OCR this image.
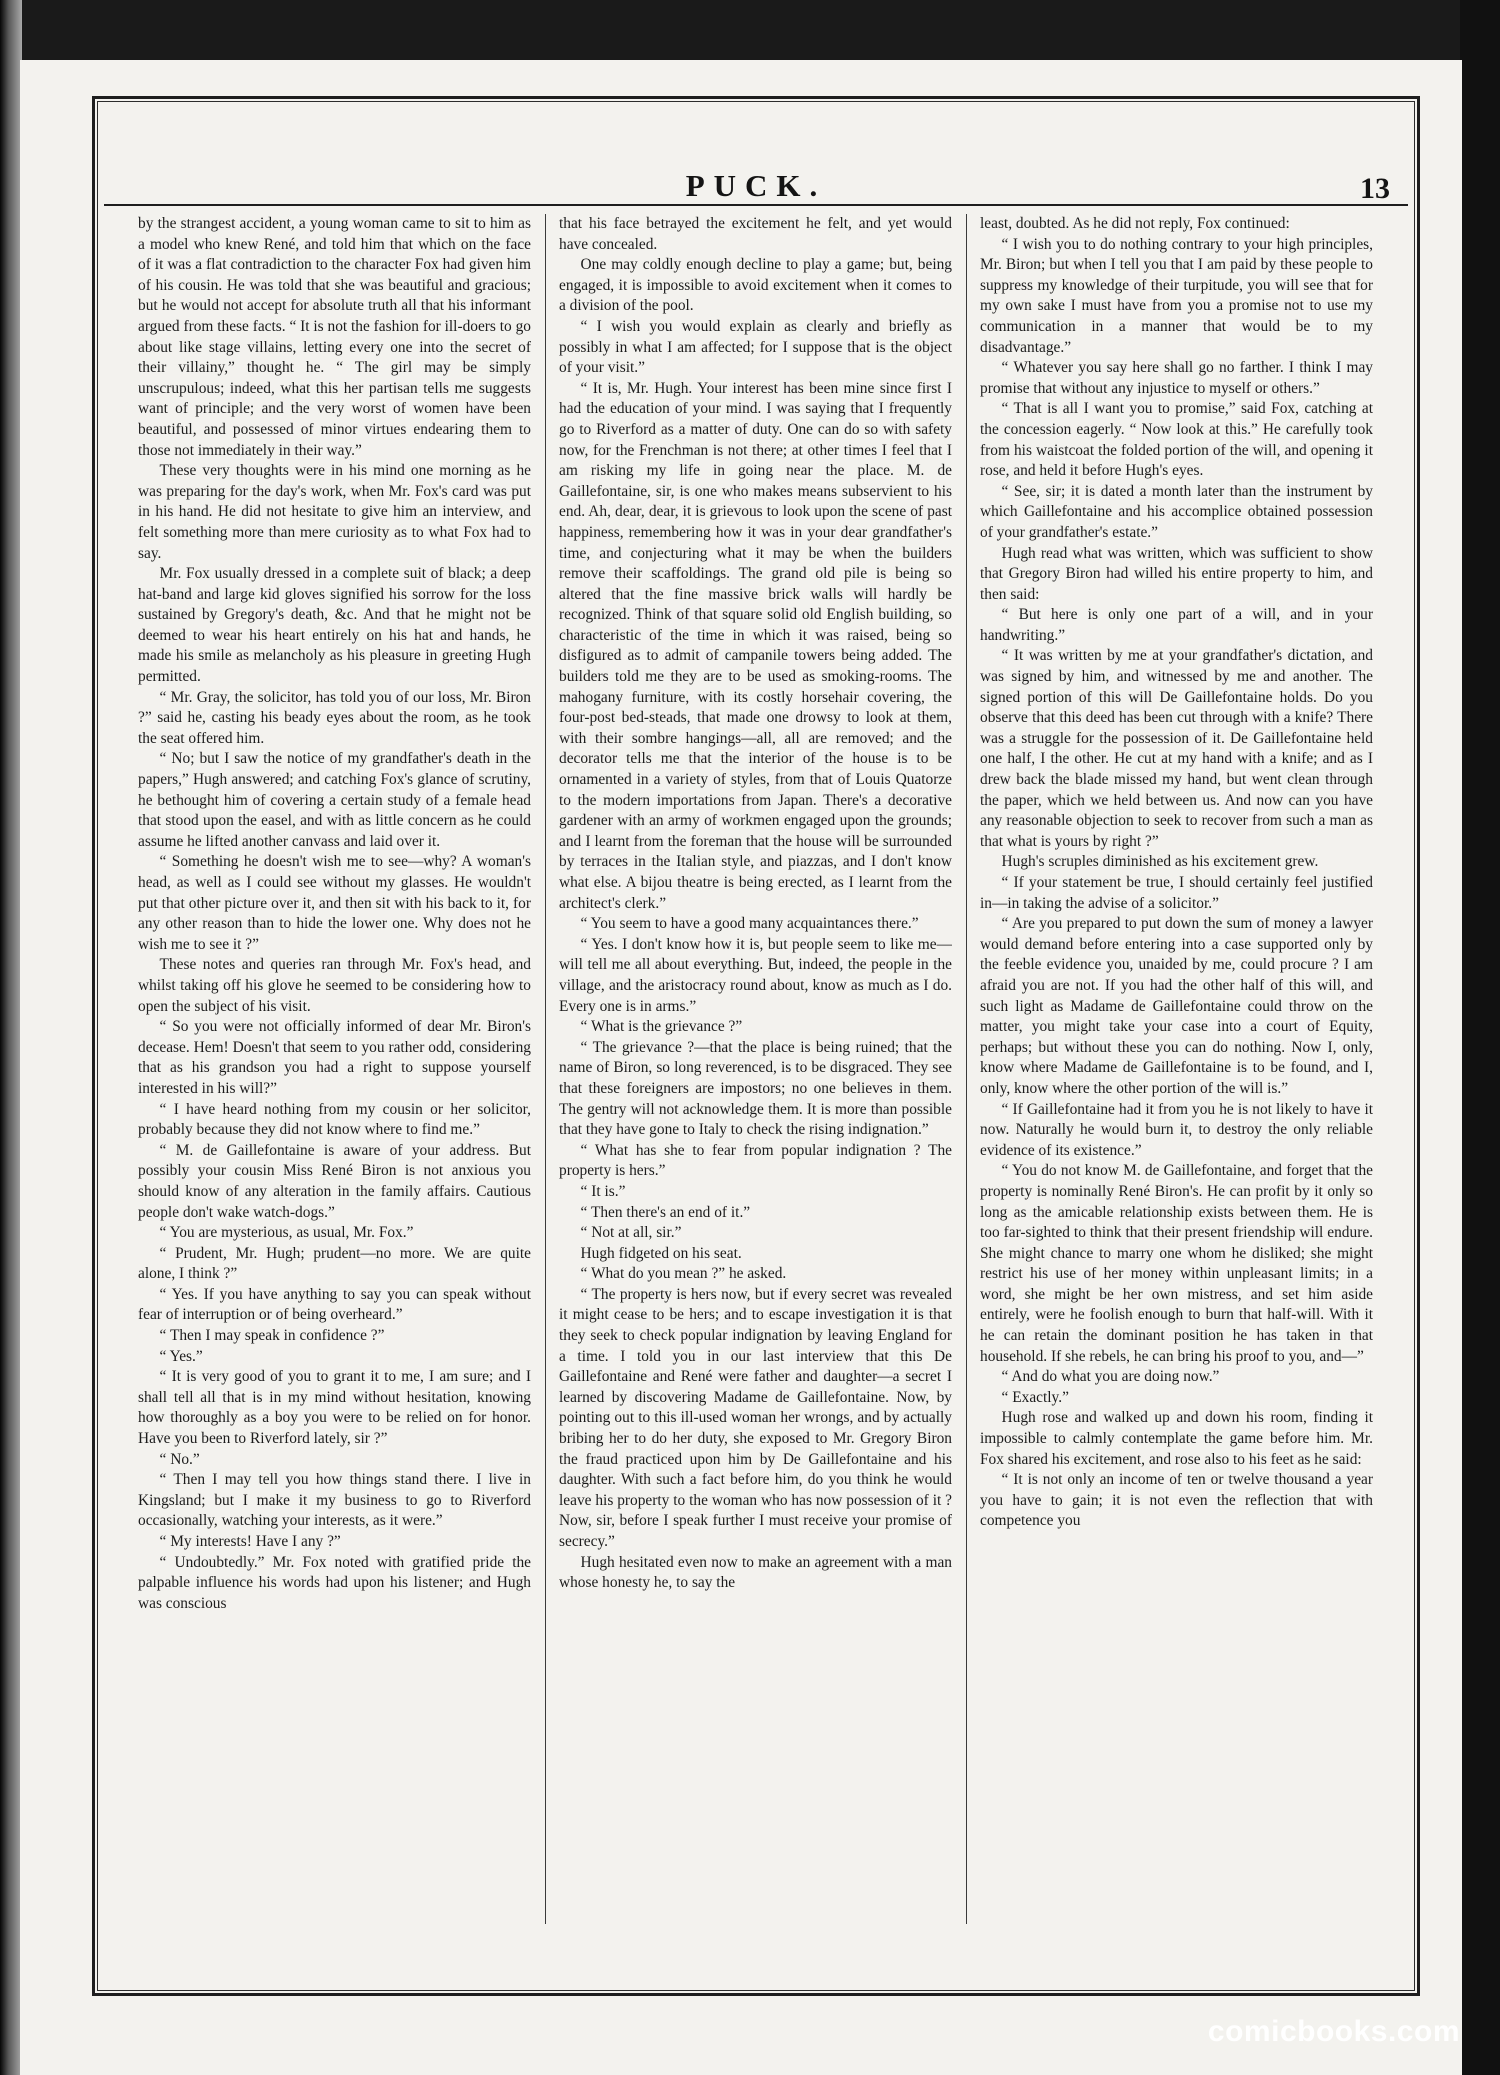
PUCK.	13

by the strangest accident, a young woman came to sit to him as a model who knew René, and told him that which on the face of it was a flat contradiction to the character Fox had given him of his cousin. He was told that she was beautiful and gracious; but he would not accept for absolute truth all that his informant argued from these facts. “ It is not the fashion for ill-doers to go about like stage villains, letting every one into the secret of their villainy,” thought he. “ The girl may be simply unscrupulous; indeed, what this her partisan tells me suggests want of principle; and the very worst of women have been beautiful, and possessed of minor virtues endearing them to those not immediately in their way.”

These very thoughts were in his mind one morning as he was preparing for the day's work, when Mr. Fox's card was put in his hand. He did not hesitate to give him an interview, and felt something more than mere curiosity as to what Fox had to say.

Mr. Fox usually dressed in a complete suit of black; a deep hat-band and large kid gloves signified his sorrow for the loss sustained by Gregory's death, &c. And that he might not be deemed to wear his heart entirely on his hat and hands, he made his smile as melancholy as his pleasure in greeting Hugh permitted.

“ Mr. Gray, the solicitor, has told you of our loss, Mr. Biron ?” said he, casting his beady eyes about the room, as he took the seat offered him.

“ No; but I saw the notice of my grandfather's death in the papers,” Hugh answered; and catching Fox's glance of scrutiny, he bethought him of covering a certain study of a female head that stood upon the easel, and with as little concern as he could assume he lifted another canvass and laid over it.

“ Something he doesn't wish me to see—why? A woman's head, as well as I could see without my glasses. He wouldn't put that other picture over it, and then sit with his back to it, for any other reason than to hide the lower one. Why does not he wish me to see it ?”

These notes and queries ran through Mr. Fox's head, and whilst taking off his glove he seemed to be considering how to open the subject of his visit.

“ So you were not officially informed of dear Mr. Biron's decease. Hem! Doesn't that seem to you rather odd, considering that as his grandson you had a right to suppose yourself interested in his will?”

“ I have heard nothing from my cousin or her solicitor, probably because they did not know where to find me.”

“ M. de Gaillefontaine is aware of your address. But possibly your cousin Miss René Biron is not anxious you should know of any alteration in the family affairs. Cautious people don't wake watch-dogs.”

“ You are mysterious, as usual, Mr. Fox.”

“ Prudent, Mr. Hugh; prudent—no more. We are quite alone, I think ?”

“ Yes. If you have anything to say you can speak without fear of interruption or of being overheard.”

“ Then I may speak in confidence ?”

“ Yes.”

“ It is very good of you to grant it to me, I am sure; and I shall tell all that is in my mind without hesitation, knowing how thoroughly as a boy you were to be relied on for honor. Have you been to Riverford lately, sir ?”

“ No.”

“ Then I may tell you how things stand there. I live in Kingsland; but I make it my business to go to Riverford occasionally, watching your interests, as it were.”

“ My interests! Have I any ?”

“ Undoubtedly.” Mr. Fox noted with gratified pride the palpable influence his words had upon his listener; and Hugh was conscious

that his face betrayed the excitement he felt, and yet would have concealed.

One may coldly enough decline to play a game; but, being engaged, it is impossible to avoid excitement when it comes to a division of the pool.

“ I wish you would explain as clearly and briefly as possibly in what I am affected; for I suppose that is the object of your visit.”

“ It is, Mr. Hugh. Your interest has been mine since first I had the education of your mind. I was saying that I frequently go to Riverford as a matter of duty. One can do so with safety now, for the Frenchman is not there; at other times I feel that I am risking my life in going near the place. M. de Gaillefontaine, sir, is one who makes means subservient to his end. Ah, dear, dear, it is grievous to look upon the scene of past happiness, remembering how it was in your dear grandfather's time, and conjecturing what it may be when the builders remove their scaffoldings. The grand old pile is being so altered that the fine massive brick walls will hardly be recognized. Think of that square solid old English building, so characteristic of the time in which it was raised, being so disfigured as to admit of campanile towers being added. The builders told me they are to be used as smoking-rooms. The mahogany furniture, with its costly horsehair covering, the four-post bed-steads, that made one drowsy to look at them, with their sombre hangings—all, all are removed; and the decorator tells me that the interior of the house is to be ornamented in a variety of styles, from that of Louis Quatorze to the modern importations from Japan. There's a decorative gardener with an army of workmen engaged upon the grounds; and I learnt from the foreman that the house will be surrounded by terraces in the Italian style, and piazzas, and I don't know what else. A bijou theatre is being erected, as I learnt from the architect's clerk.”

“ You seem to have a good many acquaintances there.”

“ Yes. I don't know how it is, but people seem to like me—will tell me all about everything. But, indeed, the people in the village, and the aristocracy round about, know as much as I do. Every one is in arms.”

“ What is the grievance ?”

“ The grievance ?—that the place is being ruined; that the name of Biron, so long reverenced, is to be disgraced. They see that these foreigners are impostors; no one believes in them. The gentry will not acknowledge them. It is more than possible that they have gone to Italy to check the rising indignation.”

“ What has she to fear from popular indignation ? The property is hers.”

“ It is.”

“ Then there's an end of it.”

“ Not at all, sir.”

Hugh fidgeted on his seat.

“ What do you mean ?” he asked.

“ The property is hers now, but if every secret was revealed it might cease to be hers; and to escape investigation it is that they seek to check popular indignation by leaving England for a time. I told you in our last interview that this De Gaillefontaine and René were father and daughter—a secret I learned by discovering Madame de Gaillefontaine. Now, by pointing out to this ill-used woman her wrongs, and by actually bribing her to do her duty, she exposed to Mr. Gregory Biron the fraud practiced upon him by De Gaillefontaine and his daughter. With such a fact before him, do you think he would leave his property to the woman who has now possession of it ? Now, sir, before I speak further I must receive your promise of secrecy.”

Hugh hesitated even now to make an agreement with a man whose honesty he, to say the

least, doubted. As he did not reply, Fox continued:

“ I wish you to do nothing contrary to your high principles, Mr. Biron; but when I tell you that I am paid by these people to suppress my knowledge of their turpitude, you will see that for my own sake I must have from you a promise not to use my communication in a manner that would be to my disadvantage.”

“ Whatever you say here shall go no farther. I think I may promise that without any injustice to myself or others.”

“ That is all I want you to promise,” said Fox, catching at the concession eagerly. “ Now look at this.” He carefully took from his waistcoat the folded portion of the will, and opening it rose, and held it before Hugh's eyes.

“ See, sir; it is dated a month later than the instrument by which Gaillefontaine and his accomplice obtained possession of your grandfather's estate.”

Hugh read what was written, which was sufficient to show that Gregory Biron had willed his entire property to him, and then said:

“ But here is only one part of a will, and in your handwriting.”

“ It was written by me at your grandfather's dictation, and was signed by him, and witnessed by me and another. The signed portion of this will De Gaillefontaine holds. Do you observe that this deed has been cut through with a knife? There was a struggle for the possession of it. De Gaillefontaine held one half, I the other. He cut at my hand with a knife; and as I drew back the blade missed my hand, but went clean through the paper, which we held between us. And now can you have any reasonable objection to seek to recover from such a man as that what is yours by right ?”

Hugh's scruples diminished as his excitement grew.

“ If your statement be true, I should certainly feel justified in—in taking the advise of a solicitor.”

“ Are you prepared to put down the sum of money a lawyer would demand before entering into a case supported only by the feeble evidence you, unaided by me, could procure ? I am afraid you are not. If you had the other half of this will, and such light as Madame de Gaillefontaine could throw on the matter, you might take your case into a court of Equity, perhaps; but without these you can do nothing. Now I, only, know where Madame de Gaillefontaine is to be found, and I, only, know where the other portion of the will is.”

“ If Gaillefontaine had it from you he is not likely to have it now. Naturally he would burn it, to destroy the only reliable evidence of its existence.”

“ You do not know M. de Gaillefontaine, and forget that the property is nominally René Biron's. He can profit by it only so long as the amicable relationship exists between them. He is too far-sighted to think that their present friendship will endure. She might chance to marry one whom he disliked; she might restrict his use of her money within unpleasant limits; in a word, she might be her own mistress, and set him aside entirely, were he foolish enough to burn that half-will. With it he can retain the dominant position he has taken in that household. If she rebels, he can bring his proof to you, and—”

“ And do what you are doing now.”

“ Exactly.”

Hugh rose and walked up and down his room, finding it impossible to calmly contemplate the game before him. Mr. Fox shared his excitement, and rose also to his feet as he said:

“ It is not only an income of ten or twelve thousand a year you have to gain; it is not even the reflection that with competence you

comicbooks.com
